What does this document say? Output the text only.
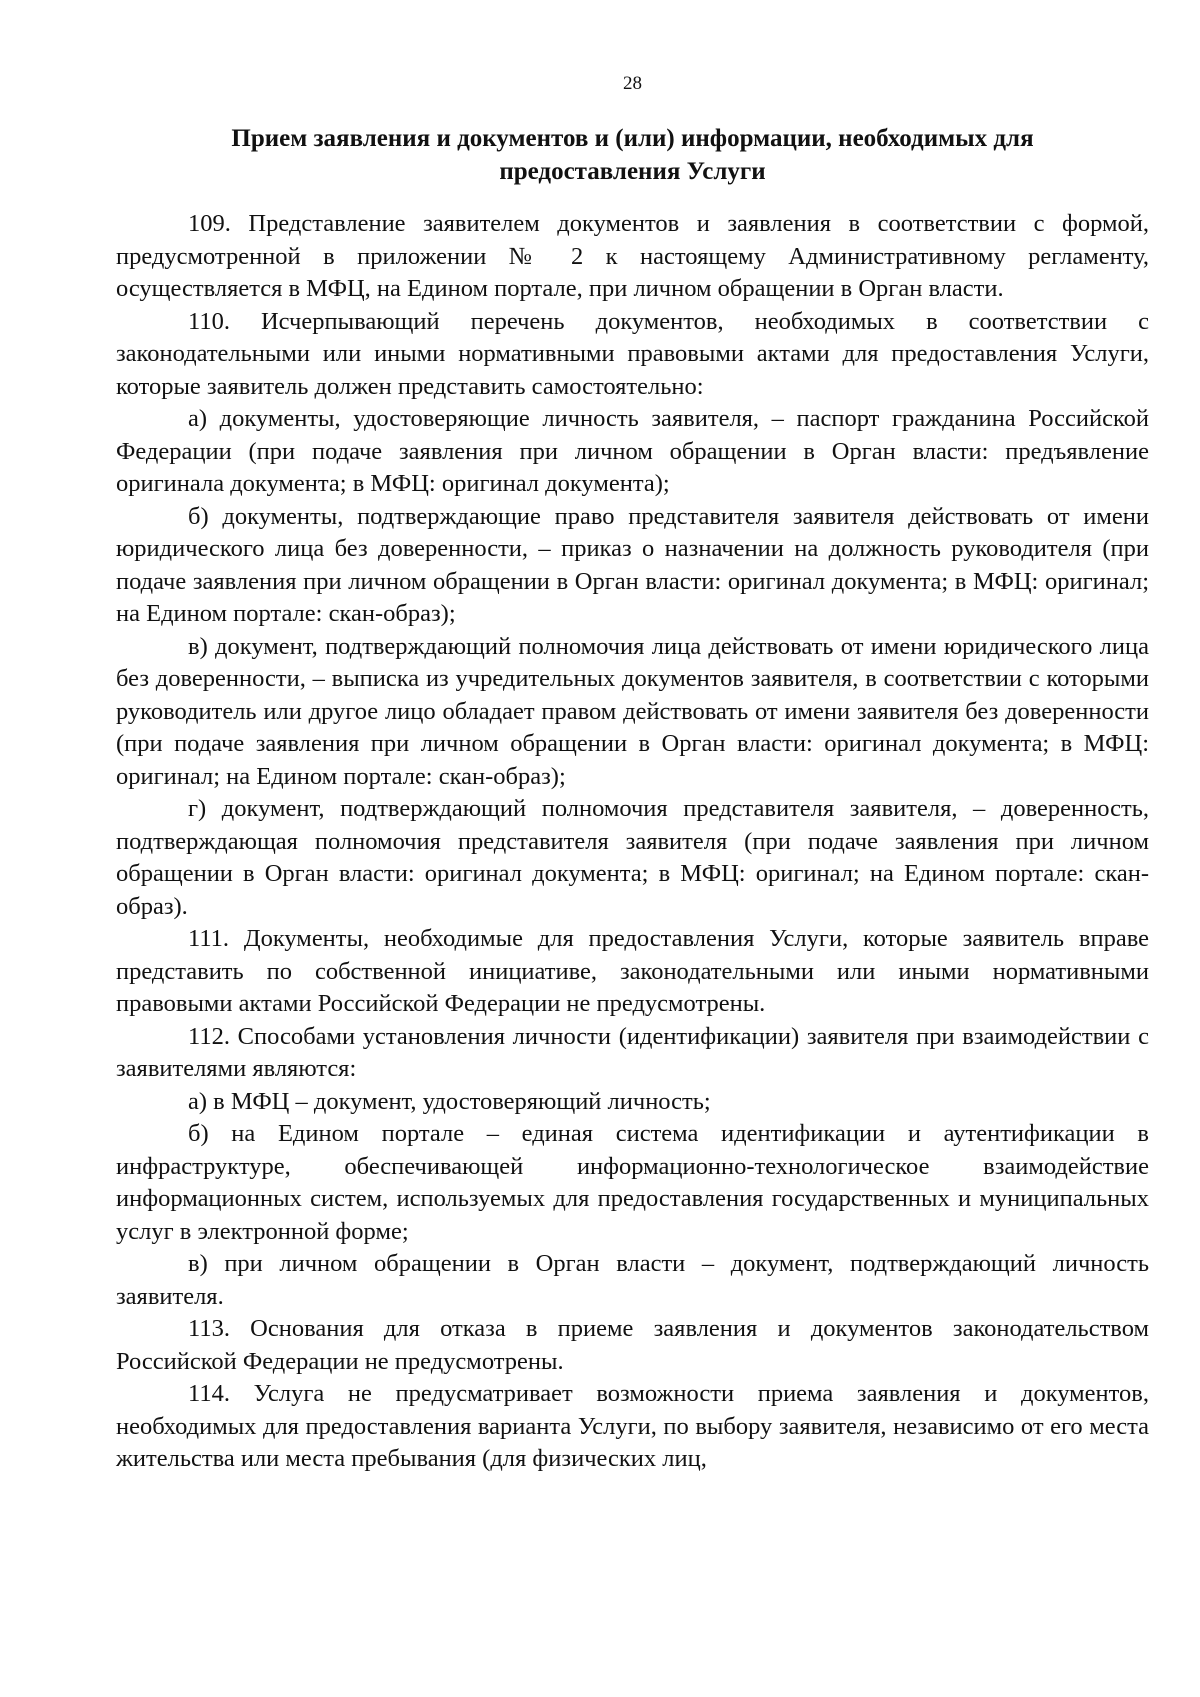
28
Прием заявления и документов и (или) информации, необходимых для
предоставления Услуги

109. Представление заявителем документов и заявления в соответствии с формой, предусмотренной в приложении № 2 к настоящему Административному регламенту, осуществляется в МФЦ, на Едином портале, при личном обращении в Орган власти.

110. Исчерпывающий перечень документов, необходимых в соответствии с законодательными или иными нормативными правовыми актами для предоставления Услуги, которые заявитель должен представить самостоятельно:

а) документы, удостоверяющие личность заявителя, – паспорт гражданина Российской Федерации (при подаче заявления при личном обращении в Орган власти: предъявление оригинала документа; в МФЦ: оригинал документа);

б) документы, подтверждающие право представителя заявителя действовать от имени юридического лица без доверенности, – приказ о назначении на должность руководителя (при подаче заявления при личном обращении в Орган власти: оригинал документа; в МФЦ: оригинал; на Едином портале: скан-образ);

в) документ, подтверждающий полномочия лица действовать от имени юридического лица без доверенности, – выписка из учредительных документов заявителя, в соответствии с которыми руководитель или другое лицо обладает правом действовать от имени заявителя без доверенности (при подаче заявления при личном обращении в Орган власти: оригинал документа; в МФЦ: оригинал; на Едином портале: скан-образ);

г) документ, подтверждающий полномочия представителя заявителя, – доверенность, подтверждающая полномочия представителя заявителя (при подаче заявления при личном обращении в Орган власти: оригинал документа; в МФЦ: оригинал; на Едином портале: скан-образ).

111. Документы, необходимые для предоставления Услуги, которые заявитель вправе представить по собственной инициативе, законодательными или иными нормативными правовыми актами Российской Федерации не предусмотрены.

112. Способами установления личности (идентификации) заявителя при взаимодействии с заявителями являются:

а) в МФЦ – документ, удостоверяющий личность;

б) на Едином портале – единая система идентификации и аутентификации в инфраструктуре, обеспечивающей информационно-технологическое взаимодействие информационных систем, используемых для предоставления государственных и муниципальных услуг в электронной форме;

в) при личном обращении в Орган власти – документ, подтверждающий личность заявителя.

113. Основания для отказа в приеме заявления и документов законодательством Российской Федерации не предусмотрены.

114. Услуга не предусматривает возможности приема заявления и документов, необходимых для предоставления варианта Услуги, по выбору заявителя, независимо от его места жительства или места пребывания (для физических лиц,
